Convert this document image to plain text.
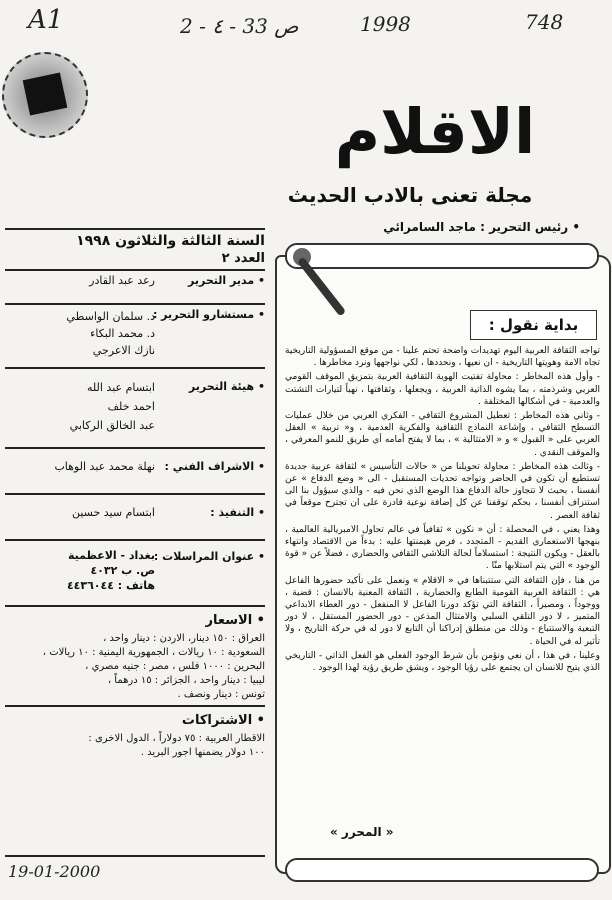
A1	2 - ٤ - 33 ص	1998	748
الاقلام
مجلة تعنى بالادب الحديث
• رئيس التحرير : ماجد السامرائي
السنة الثالثة والثلاثون ١٩٩٨
العدد ٢
• مدير التحرير
رعد عبد القادر
• مستشارو التحرير :
د. سلمان الواسطي
د. محمد البكاء
نازك الاعرجي
• هيئة التحرير
ابتسام عبد الله
احمد خلف
عبد الخالق الركابي
• الاشراف الفني :
نهلة محمد عبد الوهاب
• التنفيذ :
ابتسام سيد حسين
• عنوان المراسلات :
بغداد - الاعظمية
ص. ب ٤٠٣٢
هاتف : ٤٤٣٦٠٤٤
• الاسعار
العراق : ١٥٠ دينار، الاردن : دينار واحد ،
السعودية : ١٠ ريالات ، الجمهورية اليمنية : ١٠ ريالات ،
البحرين : ١٠٠٠ فلس ، مصر : جنيه مصري ،
ليبيا : دينار واحد ، الجزائر : ١٥ درهماً ،
تونس : دينار ونصف .
• الاشتراكات
الاقطار العربية : ٧٥ دولاراً ، الدول الاخرى :
١٠٠ دولار يضمنها اجور البريد .
19-01-2000
بداية نقول :

تواجه الثقافة العربية اليوم تهديدات واضحة تحتم علينا - من موقع المسؤولية التاريخية تجاه الامة وهويتها التاريخية - ان نعيها ، ونحددها ، لكي نواجهها ونرد مخاطرها .

- وأول هذه المخاطر : محاولة تفتيت الهوية الثقافية العربية بتمزيق الموقف القومي العربي وشرذمته ، بما يشوه الذاتية العربية ، ويجعلها ، وثقافتها ، نهباً لتيارات التشتت والعدمية - في أشكالها المختلفة .

- وثاني هذه المخاطر : تعطيل المشروع الثقافي - الفكري العربي من خلال عمليات التسطح الثقافي ، وإشاعة النماذج الثقافية والفكرية العدمية ، و« تربية » العقل العربي على « القبول » و « الامتثالية » ، بما لا يفتح أمامه أي طريق للنمو المعرفي ، والموقف النقدي .

- وثالث هذه المخاطر : محاولة تحويلنا من « حالات التأسيس » لثقافة عربية جديدة تستطيع أن تكون في الحاضر وتواجه تحديات المستقبل - الى « وضع الدفاع » عن أنفسنا ، بحيث لا تتجاوز حالة الدفاع هذا الوضع الذي نحن فيه - والذي سيؤول بنا الى استنزاف أنفسنا ، بحكم توقفنا عن كل إضافة نوعية قادرة على ان تجترح موقعاً في ثقافة العصر .

وهذا يعني ، في المحصلة : أن « نكون » ثقافياً في عالم تحاول الامبريالية العالمية ، بنهجها الاستعماري القديم - المتجدد ، فرض هيمنتها عليه : بدءاً من الاقتصاد وانتهاء بالعقل - ويكون النتيجة : استسلاماً لحالة التلاشي الثقافي والحضاري ، فضلاً عن « قوة الوجود » التي يتم استلابها منّا .

من هنا ، فإن الثقافة التي ستتبناها في « الاقلام » ونعمل على تأكيد حضورها الفاعل هي : الثقافة العربية القومية الطابع والحضارية ، الثقافة المعنية بالانسان : قضية ، ووجوداً ، ومصيراً ، الثقافة التي تؤكد دورنا الفاعل لا المنفعل - دور العطاء الابداعي المتميز ، لا دور التلقي السلبي والامتثال المذعن - دور الحضور المستقل ، لا دور التبعية والاستتباع - وذلك من منطلق إدراكنا أن التابع لا دور له في حركة التاريخ ، ولا تأثير له في الحياة .

وعلينا ، في هذا ، أن نعي ونؤمن بأن شرط الوجود الفعلي هو الفعل الذاتي - التاريخي الذي يتيح للانسان ان يجتمع على رؤيا الوجود ، ويشق طريق رؤية لهذا الوجود .

« المحرر »
